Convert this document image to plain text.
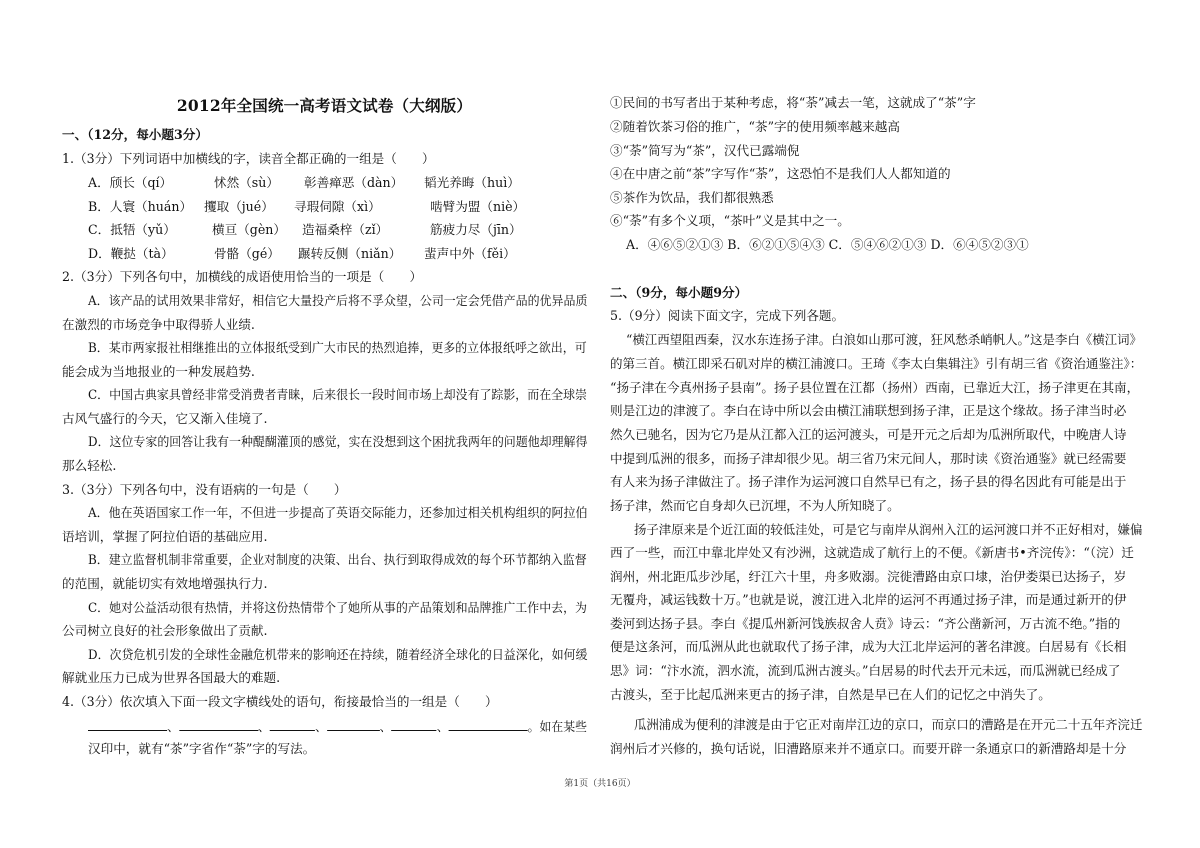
2012年全国统一高考语文试卷（大纲版）
一、（12分，每小题3分）
1.（3分）下列词语中加横线的字，读音全都正确的一组是（　　）
A．颀长（qí）	怵然（sù） 彰善瘅恶（dàn） 韬光养晦（huì）
B．人寰（huán） 攫取（jué） 寻瑕伺隙（xì）	啮臂为盟（niè）
C．抵牾（yǔ）	横亘（gèn） 造福桑梓（zǐ）	筋疲力尽（jīn）
D．鞭挞（tà）	骨骼（gé） 蹍转反侧（niǎn） 蜚声中外（fěi）
2.（3分）下列各句中，加横线的成语使用恰当的一项是（　　）
A．该产品的试用效果非常好，相信它大量投产后将不孚众望，公司一定会凭借产品的优异品质
在激烈的市场竞争中取得骄人业绩.
B．某市两家报社相继推出的立体报纸受到广大市民的热烈追捧，更多的立体报纸呼之欲出，可
能会成为当地报业的一种发展趋势.
C．中国古典家具曾经非常受消费者青睐，后来很长一段时间市场上却没有了踪影，而在全球崇
古风气盛行的今天，它又渐入佳境了.
D．这位专家的回答让我有一种醍醐灌顶的感觉，实在没想到这个困扰我两年的问题他却理解得
那么轻松.
3.（3分）下列各句中，没有语病的一句是（　　）
A．他在英语国家工作一年，不但进一步提高了英语交际能力，还参加过相关机构组织的阿拉伯
语培训，掌握了阿拉伯语的基础应用.
B．建立监督机制非常重要，企业对制度的决策、出台、执行到取得成效的每个环节都纳入监督
的范围，就能切实有效地增强执行力.
C．她对公益活动很有热情，并将这份热情带个了她所从事的产品策划和品牌推广工作中去，为
公司树立良好的社会形象做出了贡献.
D．次贷危机引发的全球性金融危机带来的影响还在持续，随着经济全球化的日益深化，如何缓
解就业压力已成为世界各国最大的难题.
4.（3分）依次填入下面一段文字横线处的语句，衔接最恰当的一组是（　　）
、	、	、	、	、	。如在某些
汉印中，就有“茶”字省作“荼”字的写法。
①民间的书写者出于某种考虑，将“荼”减去一笔，这就成了“茶”字
②随着饮茶习俗的推广，“茶”字的使用频率越来越高
③“荼”简写为“茶”，汉代已露端倪
④在中唐之前“茶”字写作“荼”，这恐怕不是我们人人都知道的
⑤茶作为饮品，我们都很熟悉
⑥“荼”有多个义项，“茶叶”义是其中之一。
A．④⑥⑤②①③ B．⑥②①⑤④③ C．⑤④⑥②①③ D．⑥④⑤②③①
二、（9分，每小题9分）
5.（9分）阅读下面文字，完成下列各题。
“横江西望阻西秦，汉水东连扬子津。白浪如山那可渡，狂风愁杀峭帆人。”这是李白《横江词》
的第三首。横江即采石矶对岸的横江浦渡口。王琦《李太白集辑注》引有胡三省《资治通鉴注》：
“扬子津在今真州扬子县南”。扬子县位置在江都（扬州）西南，已靠近大江，扬子津更在其南，
则是江边的津渡了。李白在诗中所以会由横江浦联想到扬子津，正是这个缘故。扬子津当时必
然久已驰名，因为它乃是从江都入江的运河渡头，可是开元之后却为瓜洲所取代，中晚唐人诗
中提到瓜洲的很多，而扬子津却很少见。胡三省乃宋元间人，那时读《资治通鉴》就已经需要
有人来为扬子津做注了。扬子津作为运河渡口自然早已有之，扬子县的得名因此有可能是出于
扬子津，然而它自身却久已沉埋，不为人所知晓了。
扬子津原来是个近江面的较低洼处，可是它与南岸从润州入江的运河渡口并不正好相对，嫌偏
西了一些，而江中靠北岸处又有沙洲，这就造成了航行上的不便。《新唐书•齐浣传》：“（浣）迁
润州，州北距瓜步沙尾，纡江六十里，舟多败溺。浣徙漕路由京口埭，治伊娄渠已达扬子，岁
无覆舟，减运钱数十万。”也就是说，渡江进入北岸的运河不再通过扬子津，而是通过新开的伊
娄河到达扬子县。李白《提瓜州新河饯族叔舍人贲》诗云：“齐公凿新河，万古流不绝。”指的
便是这条河，而瓜洲从此也就取代了扬子津，成为大江北岸运河的著名津渡。白居易有《长相
思》词：“汴水流，泗水流，流到瓜洲古渡头。”白居易的时代去开元未远，而瓜洲就已经成了
古渡头，至于比起瓜洲来更古的扬子津，自然是早已在人们的记忆之中消失了。
瓜洲浦成为便利的津渡是由于它正对南岸江边的京口，而京口的漕路是在开元二十五年齐浣迁
润州后才兴修的，换句话说，旧漕路原来并不通京口。而要开辟一条通京口的新漕路却是十分
第1页（共16页）
